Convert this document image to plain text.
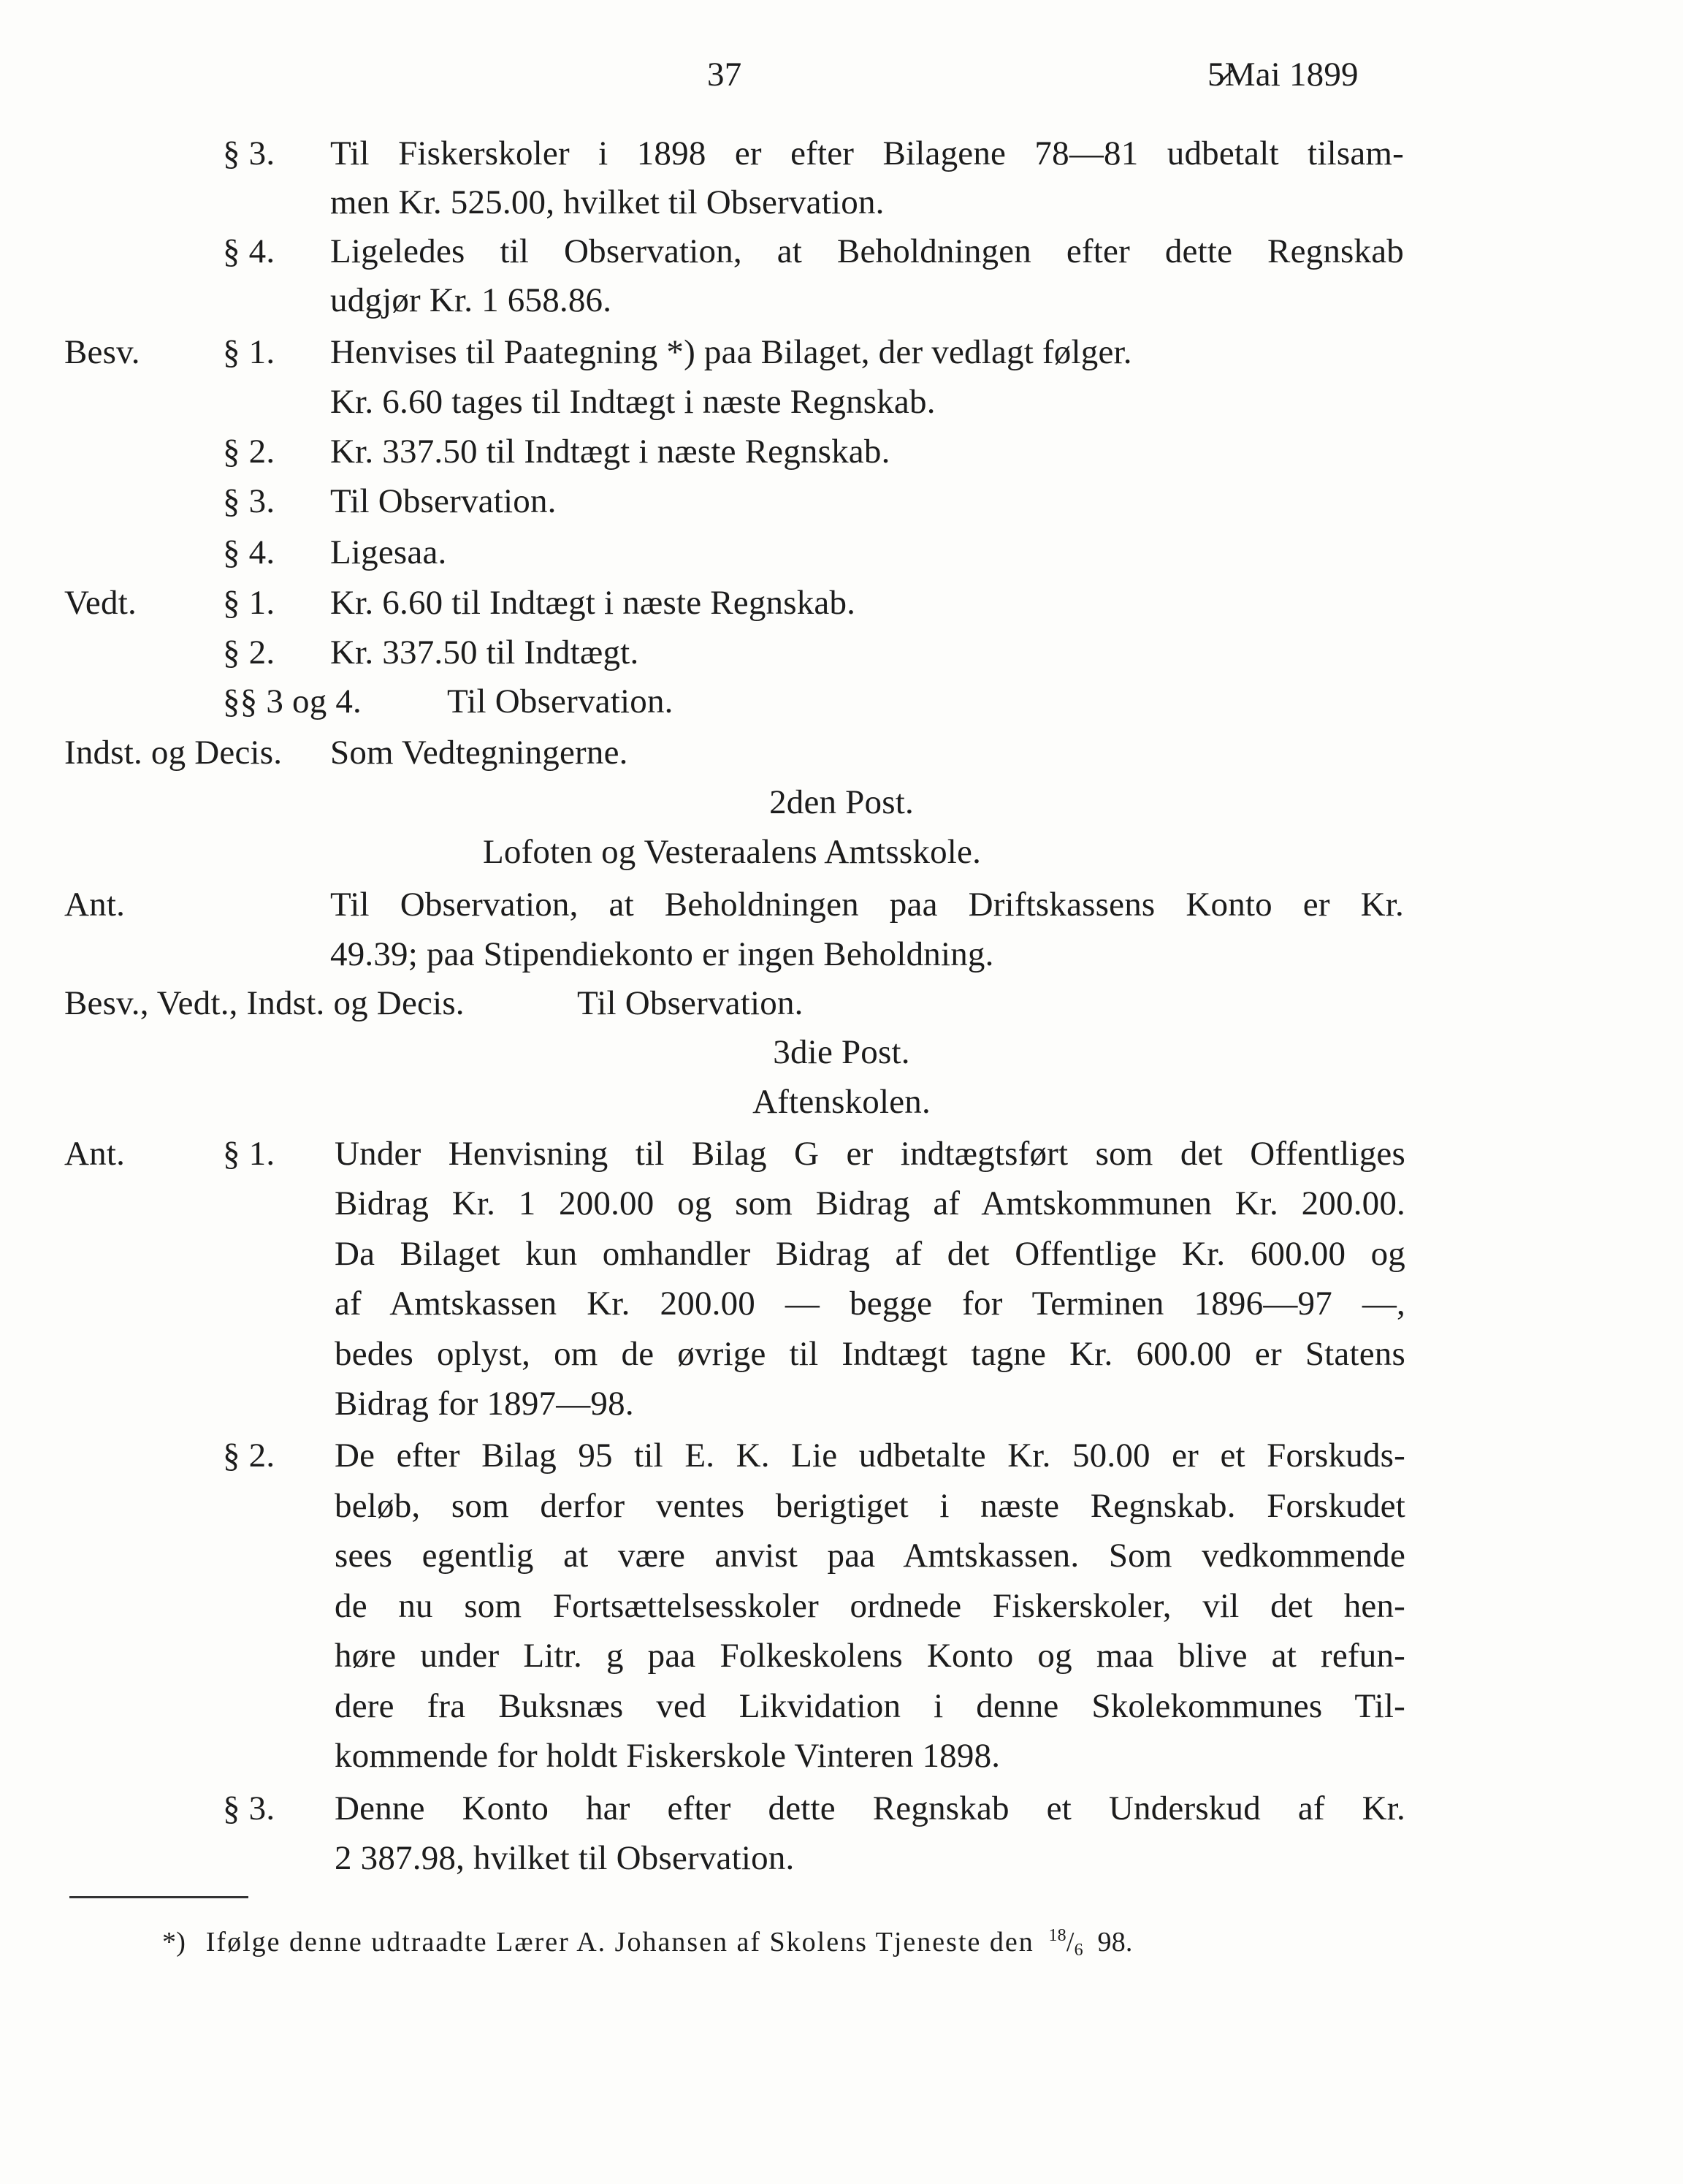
37	5̷Mai 1899
§ 3. Til Fiskerskoler i 1898 er efter Bilagene 78—81 udbetalt tilsam-
men Kr. 525.00, hvilket til Observation.
§ 4. Ligeledes til Observation, at Beholdningen efter dette Regnskab
udgjør Kr. 1 658.86.
Besv. § 1. Henvises til Paategning *) paa Bilaget, der vedlagt følger.
Kr. 6.60 tages til Indtægt i næste Regnskab.
§ 2. Kr. 337.50 til Indtægt i næste Regnskab.
§ 3. Til Observation.
§ 4. Ligesaa.
Vedt.	§ 1. Kr. 6.60 til Indtægt i næste Regnskab.
§ 2. Kr. 337.50 til Indtægt.
§§ 3 og 4. Til Observation.
Indst. og Decis. Som Vedtegningerne.
2den Post.
Lofoten og Vesteraalens Amtsskole.
Ant.	Til Observation, at Beholdningen paa Driftskassens Konto er Kr.
49.39; paa Stipendiekonto er ingen Beholdning.
Besv., Vedt., Indst. og Decis.	Til Observation.
3die Post.
Aftenskolen.
Ant.	§ 1. Under Henvisning til Bilag G er indtægtsført som det Offentliges
Bidrag Kr. 1 200.00 og som Bidrag af Amtskommunen Kr. 200.00.
Da Bilaget kun omhandler Bidrag af det Offentlige Kr. 600.00 og
af Amtskassen Kr. 200.00 — begge for Terminen 1896—97 —,
bedes oplyst, om de øvrige til Indtægt tagne Kr. 600.00 er Statens
Bidrag for 1897—98.
§ 2. De efter Bilag 95 til E. K. Lie udbetalte Kr. 50.00 er et Forskuds-
beløb, som derfor ventes berigtiget i næste Regnskab. Forskudet
sees egentlig at være anvist paa Amtskassen. Som vedkommende
de nu som Fortsættelsesskoler ordnede Fiskerskoler, vil det hen-
høre under Litr. g paa Folkeskolens Konto og maa blive at refun-
dere fra Buksnæs ved Likvidation i denne Skolekommunes Til-
kommende for holdt Fiskerskole Vinteren 1898.
§ 3. Denne Konto har efter dette Regnskab et Underskud af Kr.
2 387.98, hvilket til Observation.
*) Ifølge denne udtraadte Lærer A. Johansen af Skolens Tjeneste den $^{18}/_6$ 98.
